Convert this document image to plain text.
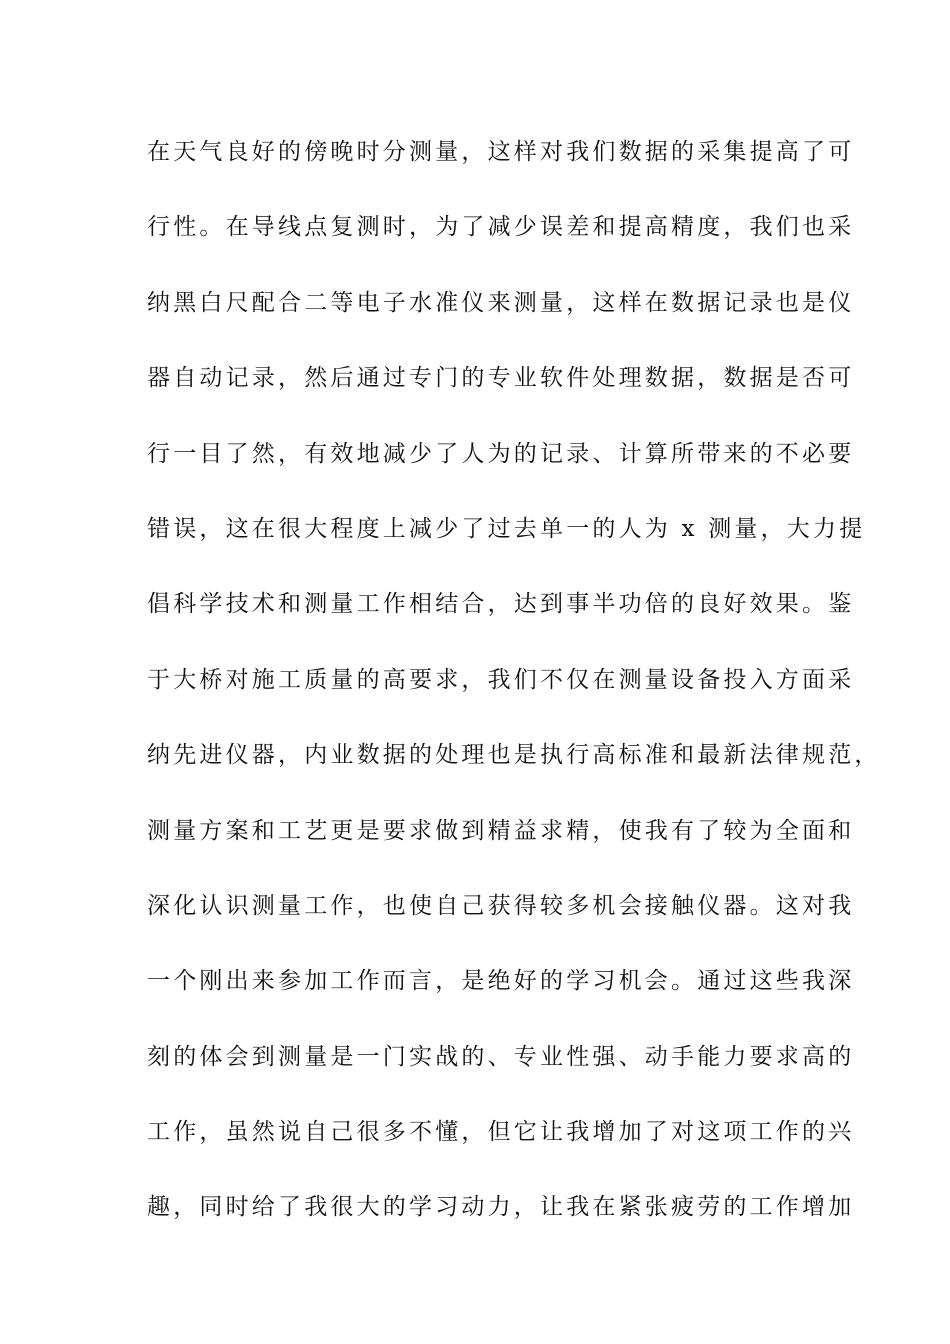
在天气良好的傍晚时分测量，这样对我们数据的采集提高了可
行性。在导线点复测时，为了减少误差和提高精度，我们也采
纳黑白尺配合二等电子水准仪来测量，这样在数据记录也是仪
器自动记录，然后通过专门的专业软件处理数据，数据是否可
行一目了然，有效地减少了人为的记录、计算所带来的不必要
错误，这在很大程度上减少了过去单一的人为 x 测量，大力提
倡科学技术和测量工作相结合，达到事半功倍的良好效果。鉴
于大桥对施工质量的高要求，我们不仅在测量设备投入方面采
纳先进仪器，内业数据的处理也是执行高标准和最新法律规范，
测量方案和工艺更是要求做到精益求精，使我有了较为全面和
深化认识测量工作，也使自己获得较多机会接触仪器。这对我
一个刚出来参加工作而言，是绝好的学习机会。通过这些我深
刻的体会到测量是一门实战的、专业性强、动手能力要求高的
工作，虽然说自己很多不懂，但它让我增加了对这项工作的兴
趣，同时给了我很大的学习动力，让我在紧张疲劳的工作增加
